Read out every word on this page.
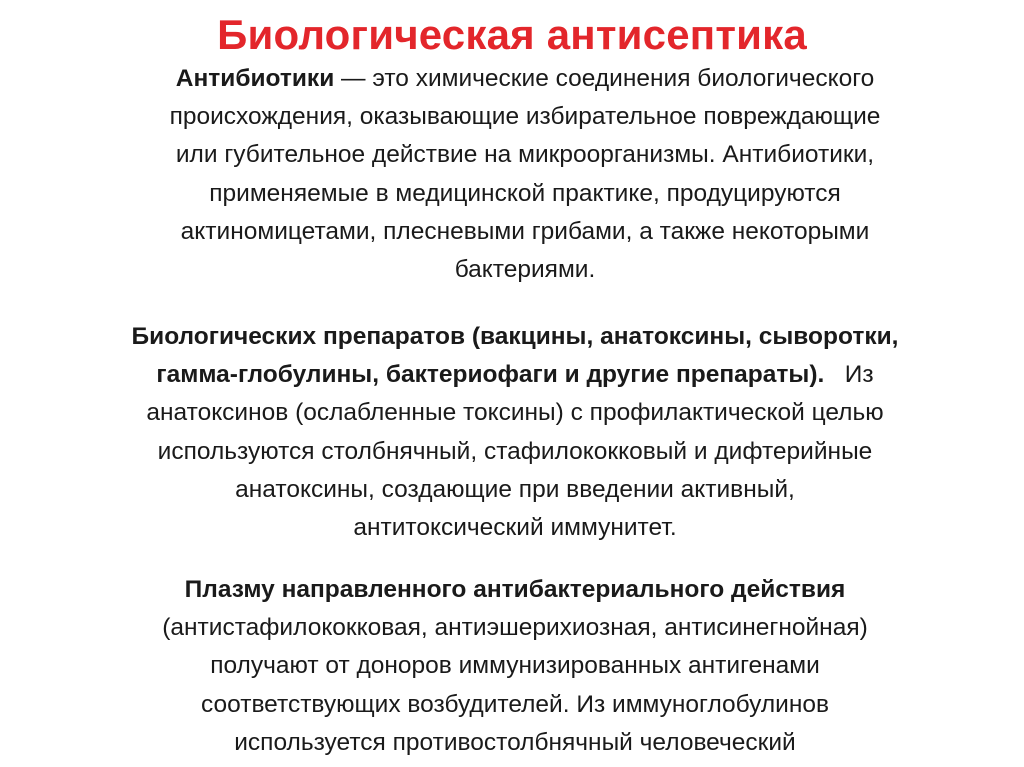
Биологическая антисептика
Антибиотики — это химические соединения биологического
происхождения, оказывающие избирательное повреждающие
или губительное действие на микроорганизмы. Антибиотики,
применяемые в медицинской практике, продуцируются
актиномицетами, плесневыми грибами, а также некоторыми
бактериями.
Биологических препаратов (вакцины, анатоксины, сыворотки,
гамма-глобулины, бактериофаги и другие препараты).   Из
анатоксинов (ослабленные токсины) с профилактической целью
используются столбнячный, стафилококковый и дифтерийные
анатоксины, создающие при введении активный,
антитоксический иммунитет.
Плазму направленного антибактериального действия
(антистафилококковая, антиэшерихиозная, антисинегнойная)
получают от доноров иммунизированных антигенами
соответствующих возбудителей. Из иммуноглобулинов
используется противостолбнячный человеческий
